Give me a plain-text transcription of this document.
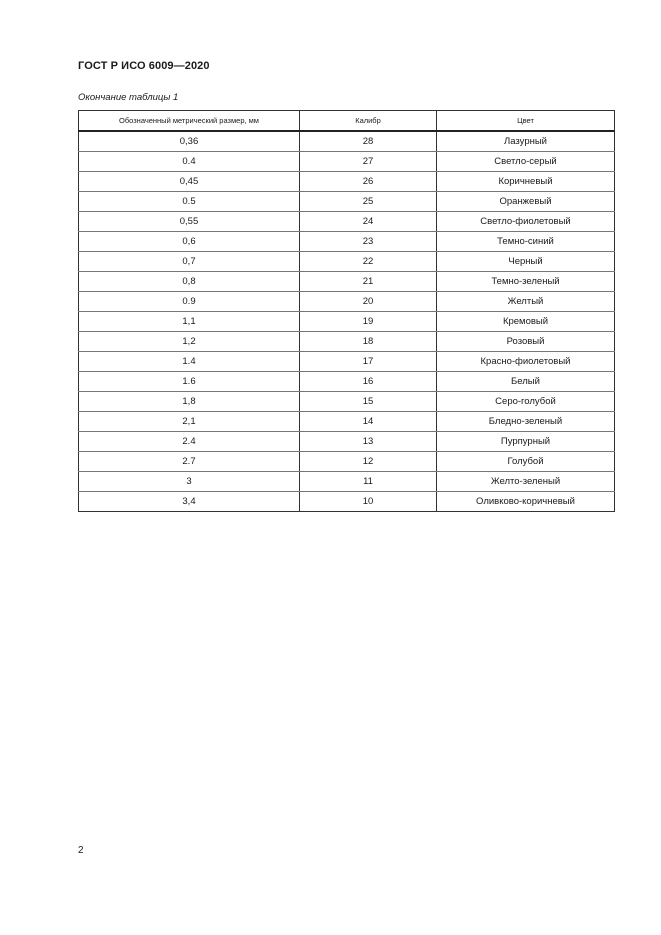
ГОСТ Р ИСО 6009—2020
Окончание таблицы 1
Обозначенный метрический размер, мм	Калибр	Цвет
0,36	28	Лазурный
0.4	27	Светло-серый
0,45	26	Коричневый
0.5	25	Оранжевый
0,55	24	Светло-фиолетовый
0,6	23	Темно-синий
0,7	22	Черный
0,8	21	Темно-зеленый
0.9	20	Желтый
1,1	19	Кремовый
1,2	18	Розовый
1.4	17	Красно-фиолетовый
1.6	16	Белый
1,8	15	Серо-голубой
2,1	14	Бледно-зеленый
2.4	13	Пурпурный
2.7	12	Голубой
3	11	Желто-зеленый
3,4	10	Оливково-коричневый
2
